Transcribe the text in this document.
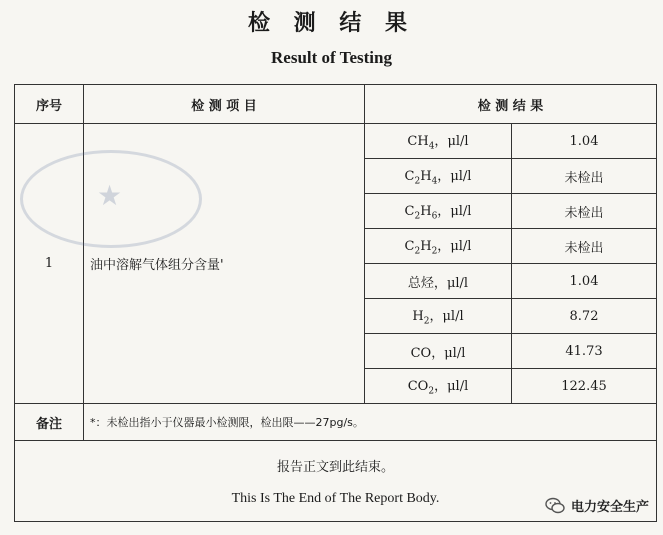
检 测 结 果
Result of Testing
序号	检 测 项 目	检 测 结 果	
1	油中溶解气体组分含量'	$CH_4$，μl/l	1.04
		$C_2H_4$，μl/l	未检出
		$C_2H_6$，μl/l	未检出
		$C_2H_2$，μl/l	未检出
		总烃，μl/l	1.04
		$H_2$，μl/l	8.72
		CO，μl/l	41.73
		$CO_2$，μl/l	122.45
备注	*：未检出指小于仪器最小检测限，检出限——27pg/s。		

报告正文到此结束。
This Is The End of The Report Body.			
★
电力安全生产
